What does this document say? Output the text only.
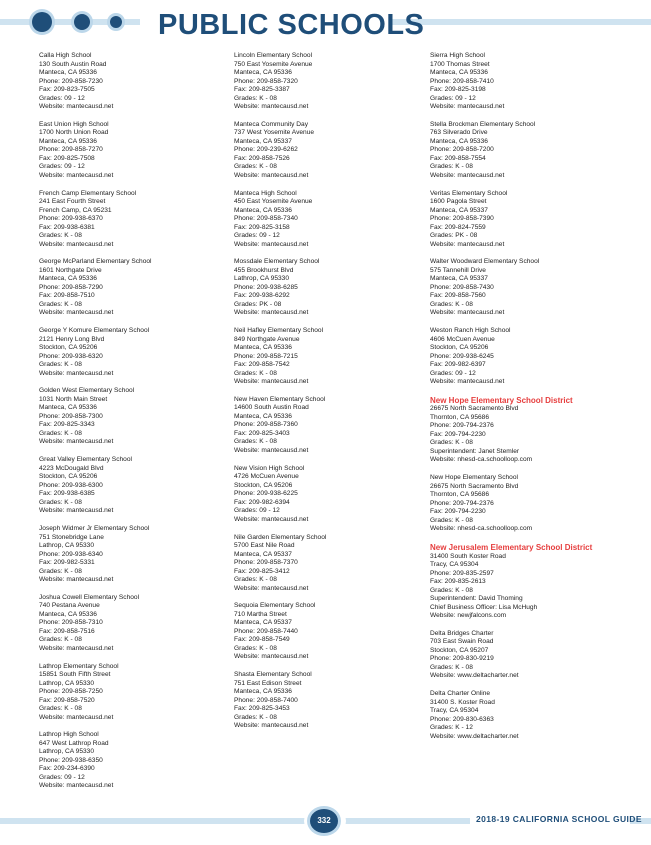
PUBLIC SCHOOLS
Calla High School
130 South Austin Road
Manteca, CA 95336
Phone: 209-858-7230
Fax: 209-823-7505
Grades: 09 - 12
Website: mantecausd.net
East Union High School
1700 North Union Road
Manteca, CA 95336
Phone: 209-858-7270
Fax: 209-825-7508
Grades: 09 - 12
Website: mantecausd.net
French Camp Elementary School
241 East Fourth Street
French Camp, CA 95231
Phone: 209-938-6370
Fax: 209-938-6381
Grades: K - 08
Website: mantecausd.net
George McParland Elementary School
1601 Northgate Drive
Manteca, CA 95336
Phone: 209-858-7290
Fax: 209-858-7510
Grades: K - 08
Website: mantecausd.net
George Y Komure Elementary School
2121 Henry Long Blvd
Stockton, CA 95206
Phone: 209-938-6320
Grades: K - 08
Website: mantecausd.net
Golden West Elementary School
1031 North Main Street
Manteca, CA 95336
Phone: 209-858-7300
Fax: 209-825-3343
Grades: K - 08
Website: mantecausd.net
Great Valley Elementary School
4223 McDougald Blvd
Stockton, CA 95206
Phone: 209-938-6300
Fax: 209-938-6385
Grades: K - 08
Website: mantecausd.net
Joseph Widmer Jr Elementary School
751 Stonebridge Lane
Lathrop, CA 95330
Phone: 209-938-6340
Fax: 209-982-5331
Grades: K - 08
Website: mantecausd.net
Joshua Cowell Elementary School
740 Pestana Avenue
Manteca, CA 95336
Phone: 209-858-7310
Fax: 209-858-7516
Grades: K - 08
Website: mantecausd.net
Lathrop Elementary School
15851 South Fifth Street
Lathrop, CA 95330
Phone: 209-858-7250
Fax: 209-858-7520
Grades: K - 08
Website: mantecausd.net
Lathrop High School
647 West Lathrop Road
Lathrop, CA 95330
Phone: 209-938-6350
Fax: 209-234-6390
Grades: 09 - 12
Website: mantecausd.net
Lincoln Elementary School
750 East Yosemite Avenue
Manteca, CA 95336
Phone: 209-858-7320
Fax: 209-825-3387
Grades: K - 08
Website: mantecausd.net
Manteca Community Day
737 West Yosemite Avenue
Manteca, CA 95337
Phone: 209-239-6262
Fax: 209-858-7526
Grades: K - 08
Website: mantecausd.net
Manteca High School
450 East Yosemite Avenue
Manteca, CA 95336
Phone: 209-858-7340
Fax: 209-825-3158
Grades: 09 - 12
Website: mantecausd.net
Mossdale Elementary School
455 Brookhurst Blvd
Lathrop, CA 95330
Phone: 209-938-6285
Fax: 209-938-6292
Grades: PK - 08
Website: mantecausd.net
Neil Hafley Elementary School
849 Northgate Avenue
Manteca, CA 95336
Phone: 209-858-7215
Fax: 209-858-7542
Grades: K - 08
Website: mantecausd.net
New Haven Elementary School
14600 South Austin Road
Manteca, CA 95336
Phone: 209-858-7360
Fax: 209-825-3403
Grades: K - 08
Website: mantecausd.net
New Vision High School
4726 McCuen Avenue
Stockton, CA 95206
Phone: 209-938-6225
Fax: 209-982-6394
Grades: 09 - 12
Website: mantecausd.net
Nile Garden Elementary School
5700 East Nile Road
Manteca, CA 95337
Phone: 209-858-7370
Fax: 209-825-3412
Grades: K - 08
Website: mantecausd.net
Sequoia Elementary School
710 Martha Street
Manteca, CA 95337
Phone: 209-858-7440
Fax: 209-858-7549
Grades: K - 08
Website: mantecausd.net
Shasta Elementary School
751 East Edison Street
Manteca, CA 95336
Phone: 209-858-7400
Fax: 209-825-3453
Grades: K - 08
Website: mantecausd.net
Sierra High School
1700 Thomas Street
Manteca, CA 95336
Phone: 209-858-7410
Fax: 209-825-3198
Grades: 09 - 12
Website: mantecausd.net
Stella Brockman Elementary School
763 Silverado Drive
Manteca, CA 95336
Phone: 209-858-7200
Fax: 209-858-7554
Grades: K - 08
Website: mantecausd.net
Veritas Elementary School
1600 Pagola Street
Manteca, CA 95337
Phone: 209-858-7390
Fax: 209-824-7559
Grades: PK - 08
Website: mantecausd.net
Walter Woodward Elementary School
575 Tannehill Drive
Manteca, CA 95337
Phone: 209-858-7430
Fax: 209-858-7560
Grades: K - 08
Website: mantecausd.net
Weston Ranch High School
4606 McCuen Avenue
Stockton, CA 95206
Phone: 209-938-6245
Fax: 209-982-6397
Grades: 09 - 12
Website: mantecausd.net
New Hope Elementary School District
26675 North Sacramento Blvd
Thornton, CA 95686
Phone: 209-794-2376
Fax: 209-794-2230
Grades: K - 08
Superintendent: Janet Stemler
Website: nhesd-ca.schoolloop.com
New Hope Elementary School
26675 North Sacramento Blvd
Thornton, CA 95686
Phone: 209-794-2376
Fax: 209-794-2230
Grades: K - 08
Website: nhesd-ca.schoolloop.com
New Jerusalem Elementary School District
31400 South Koster Road
Tracy, CA 95304
Phone: 209-835-2597
Fax: 209-835-2613
Grades: K - 08
Superintendent: David Thoming
Chief Business Officer: Lisa McHugh
Website: newjfalcons.com
Delta Bridges Charter
703 East Swain Road
Stockton, CA 95207
Phone: 209-830-9219
Grades: K - 08
Website: www.deltacharter.net
Delta Charter Online
31400 S. Koster Road
Tracy, CA 95304
Phone: 209-830-6363
Grades: K - 12
Website: www.deltacharter.net
332	2018-19 CALIFORNIA SCHOOL GUIDE
